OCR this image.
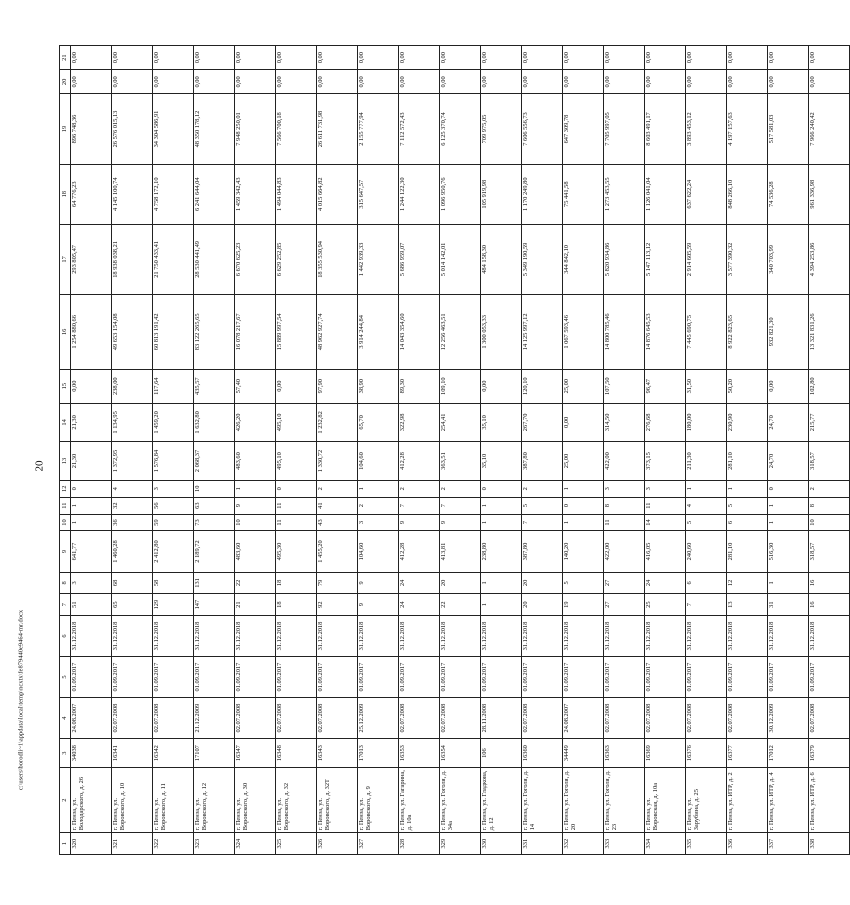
20
c:\users\borodli~1\appdata\local\temp\ncxtx\fe879440e9464-mr.docx
1	2	3	4	5	6	7	8	9	10	11	12	13	14	15	16	17	18	19	20	21
320	г. Пенза, ул. Володарского, д. 26	34038	24.08.2007	01.09.2017	31.12.2018	51	3	641,77	1	1	0	21,30	21,30	0,00	1 254 880,66	293 805,47	64 776,23	896 748,36	0,00	0,00
321	г. Пенза, ул. Воровского, д. 10	16341	02.07.2008	01.09.2017	31.12.2018	65	68	1 460,28	36	32	4	1 372,95	1 134,95	238,00	49 653 154,08	18 938 038,21	4 145 100,74	26 576 015,13	0,00	0,00
322	г. Пенза, ул. Воровского, д. 11	16342	02.07.2008	01.09.2017	31.12.2018	129	58	2 412,80	59	56	3	1 576,84	1 459,20	117,64	60 813 191,42	21 750 433,41	4 758 172,10	34 304 586,91	0,00	0,00
323	г. Пенза, ул. Воровского, д. 12	17107	21.12.2009	01.09.2017	31.12.2018	147	131	2 189,72	73	63	10	2 068,37	1 632,80	435,57	83 122 265,65	28 530 441,49	6 241 644,04	48 350 178,12	0,00	0,00
324	г. Пенза, ул. Воровского, д. 30	16347	02.07.2008	01.09.2017	31.12.2018	21	22	483,60	10	9	1	483,60	426,20	57,40	16 078 217,67	6 670 625,23	1 459 342,43	7 948 250,01	0,00	0,00
325	г. Пенза, ул. Воровского, д. 32	16348	02.07.2008	01.09.2017	31.12.2018	18	18	495,30	11	11	0	495,10	495,10	0,00	15 889 997,54	6 629 252,85	1 494 044,83	7 566 700,18	0,00	0,00
326	г. Пенза, ул. Воровского, д. 32Т	16343	02.07.2008	01.09.2017	31.12.2018	92	79	1 455,20	43	41	2	1 330,72	1 232,82	97,90	48 962 927,74	18 355 530,94	4 015 664,82	26 611 731,98	0,00	0,00
327	г. Пенза, ул. Воровского, д. 9	17013	25.12.2009	01.09.2017	31.12.2018	9	9	104,60	3	2	1	104,60	65,70	38,90	3 914 244,84	1 442 939,33	315 647,57	2 155 777,94	0,00	0,00
328	г. Пенза, ул. Гагарина, д. 10а	16353	02.07.2008	01.09.2017	31.12.2018	24	24	412,28	9	7	2	412,28	322,98	89,30	14 043 354,60	5 686 959,07	1 244 122,30	7 112 572,43	0,00	0,00
329	г. Пенза, ул. Гоголя, д. 34а	16354	02.07.2008	01.09.2017	31.12.2018	22	20	413,81	9	7	2	363,51	254,41	109,10	12 256 463,51	5 014 142,01	1 096 950,76	6 125 370,74	0,00	0,00
330	г. Пенза, ул. Гладкова, д. 12	106	28.11.2008	01.09.2017	31.12.2018	1	1	238,80	1	1	0	35,10	35,10	0,00	1 300 053,33	484 158,30	105 919,98	709 975,05	0,00	0,00
331	г. Пенза, ул. Гоголя, д. 14	16360	02.07.2008	01.09.2017	31.12.2018	20	20	387,80	7	5	2	387,80	267,70	120,10	14 125 997,12	5 349 190,59	1 170 249,80	7 606 556,73	0,00	0,00
332	г. Пенза, ул. Гоголя, д. 20	34449	24.08.2007	01.09.2017	31.12.2018	19	5	140,20	1	0	1	25,00	0,00	25,00	1 067 593,46	344 842,10	75 441,58	647 309,78	0,00	0,00
333	г. Пенза, ул. Гоголя, д. 23	16363	02.07.2008	01.09.2017	31.12.2018	27	27	422,00	11	8	3	422,00	314,50	107,50	14 800 785,46	5 820 934,86	1 273 453,55	7 705 997,05	0,00	0,00
334	г. Пенза, ул. Воровская, д. 10а	16369	02.07.2008	01.09.2017	31.12.2018	25	24	416,05	14	11	3	373,15	276,68	96,47	14 876 645,53	5 147 113,12	1 126 041,04	8 603 491,17	0,00	0,00
335	г. Пенза, ул. Зарубина, д. 25	16376	02.07.2008	01.09.2017	31.12.2018	7	6	240,60	5	4	1	211,30	180,00	31,50	7 445 690,75	2 914 605,59	637 622,24	3 893 453,12	0,00	0,00
336	г. Пенза, ул. ИТР, д. 2	16377	02.07.2008	01.09.2017	31.12.2018	13	12	281,10	6	5	1	281,10	230,90	50,20	8 922 823,65	3 577 390,32	848 266,10	4 197 157,63	0,00	0,00
337	г. Пенза, ул. ИТР, д. 4	17012	30.12.2009	01.09.2017	31.12.2018	31	1	516,30	1	1	0	24,70	24,70	0,00	932 821,30	340 703,99	74 536,28	517 581,03	0,00	0,00
338	г. Пенза, ул. ИТР, д. 6	16379	02.07.2008	01.09.2017	31.12.2018	16	16	318,57	10	8	2	318,57	215,77	102,80	13 321 831,26	4 394 253,86	961 336,98	7 966 240,42	0,00	0,00
